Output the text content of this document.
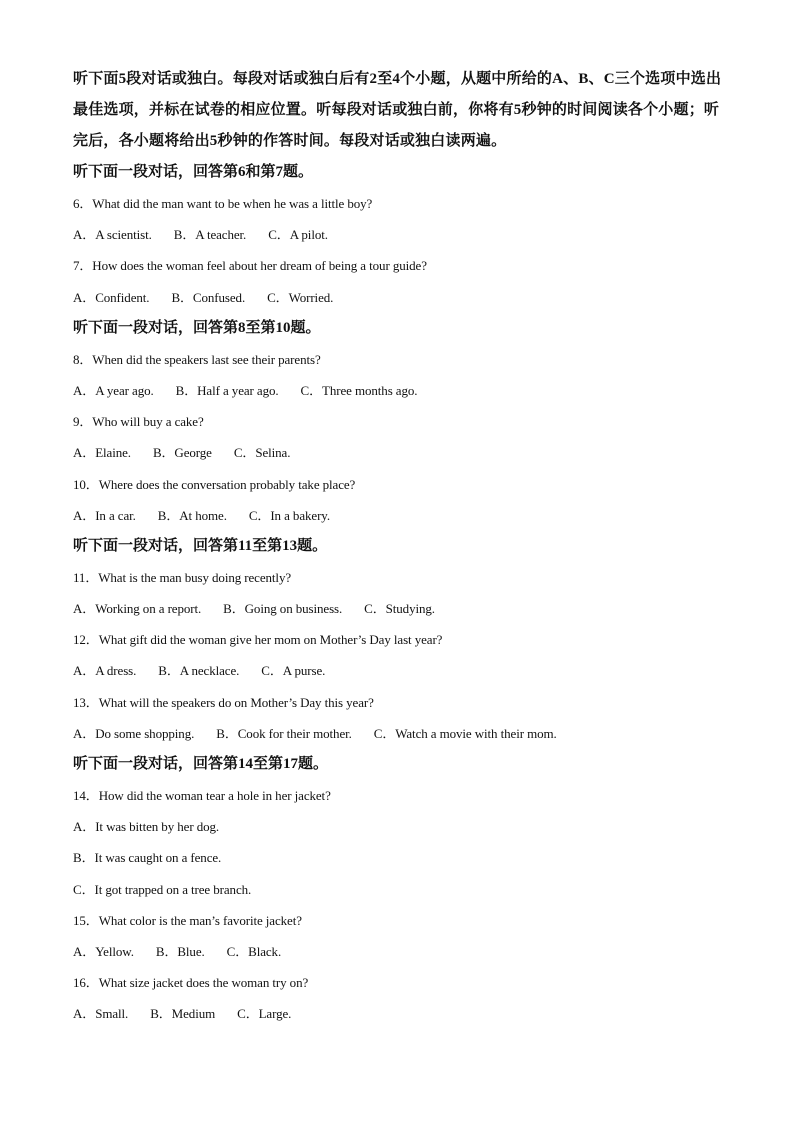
听下面5段对话或独白。每段对话或独白后有2至4个小题，从题中所给的A、B、C三个选项中选出最佳选项，并标在试卷的相应位置。听每段对话或独白前，你将有5秒钟的时间阅读各个小题；听完后，各小题将给出5秒钟的作答时间。每段对话或独白读两遍。

听下面一段对话，回答第6和第7题。

6．What did the man want to be when he was a little boy?

A．A scientist. B．A teacher. C．A pilot.

7．How does the woman feel about her dream of being a tour guide?

A．Confident. B．Confused. C．Worried.

听下面一段对话，回答第8至第10题。

8．When did the speakers last see their parents?

A．A year ago. B．Half a year ago. C．Three months ago.

9．Who will buy a cake?

A．Elaine. B．George C．Selina.

10．Where does the conversation probably take place?

A．In a car. B．At home. C．In a bakery.

听下面一段对话，回答第11至第13题。

11．What is the man busy doing recently?

A．Working on a report. B．Going on business. C．Studying.

12．What gift did the woman give her mom on Mother’s Day last year?

A．A dress. B．A necklace. C．A purse.

13．What will the speakers do on Mother’s Day this year?

A．Do some shopping. B．Cook for their mother. C．Watch a movie with their mom.

听下面一段对话，回答第14至第17题。

14．How did the woman tear a hole in her jacket?

A．It was bitten by her dog.

B．It was caught on a fence.

C．It got trapped on a tree branch.

15．What color is the man’s favorite jacket?

A．Yellow. B．Blue. C．Black.

16．What size jacket does the woman try on?

A．Small. B．Medium C．Large.
